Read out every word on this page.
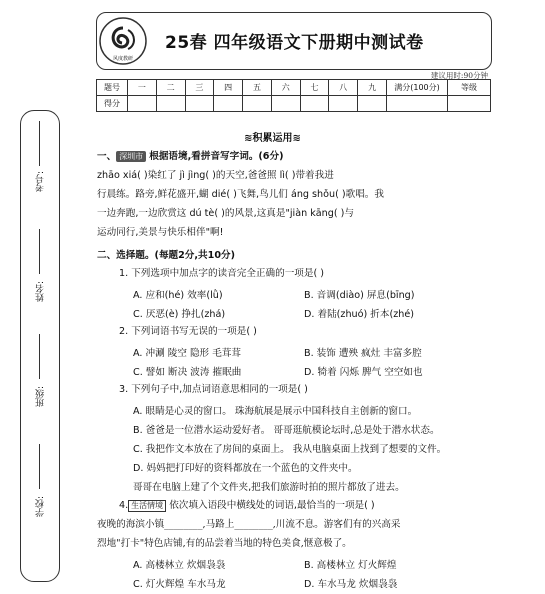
考号:
姓名:
班级:
学校:
风度教研
25春 四年级语文下册期中测试卷
建议用时:90分钟
题号	一	二	三	四	五	六	七	八	九	满分(100分)	等级
得分											
≋积累运用≋
一、 深圳市 根据语境,看拼音写字词。(6分)
zhāo xiá( )染红了 jì jìng( )的天空,爸爸照 lì( )带着我进
行晨练。路旁,鲜花盛开,蝴 dié( )飞舞,鸟儿们 áng shǒu( )歌唱。我
一边奔跑,一边欣赏这 dú tè( )的风景,这真是"jiàn kāng( )与
运动同行,美景与快乐相伴"啊!
二、选择题。(每题2分,共10分)
1. 下列选项中加点字的读音完全正确的一项是( )
A. 应和(hé) 效率(lǜ)	B. 音调(diào) 屏息(bīng)
C. 厌恶(è) 挣扎(zhá)	D. 着陆(zhuó) 折本(zhé)
2. 下列词语书写无误的一项是( )
A. 冲涮 陵空 隐形 毛茸茸	B. 装饰 遭殃 疯灶 丰富多腔
C. 譬如 断决 波涛 摧眠曲	D. 犄着 闪烁 脾气 空空如也
3. 下列句子中,加点词语意思相同的一项是( )
A. 眼睛是心灵的窗口。 珠海航展是展示中国科技自主创新的窗口。
B. 爸爸是一位潜水运动爱好者。 哥哥逛航模论坛时,总是处于潜水状态。
C. 我把作文本放在了房间的桌面上。 我从电脑桌面上找到了想要的文件。
D. 妈妈把打印好的资料都放在一个蓝色的文件夹中。
哥哥在电脑上建了个文件夹,把我们旅游时拍的照片都放了进去。
4. 生活情境 依次填入语段中横线处的词语,最恰当的一项是( )
夜晚的海滨小镇________,马路上________,川流不息。游客们有的兴高采
烈地"打卡"特色店铺,有的品尝着当地的特色美食,惬意极了。
A. 高楼林立 炊烟袅袅	B. 高楼林立 灯火辉煌
C. 灯火辉煌 车水马龙	D. 车水马龙 炊烟袅袅
